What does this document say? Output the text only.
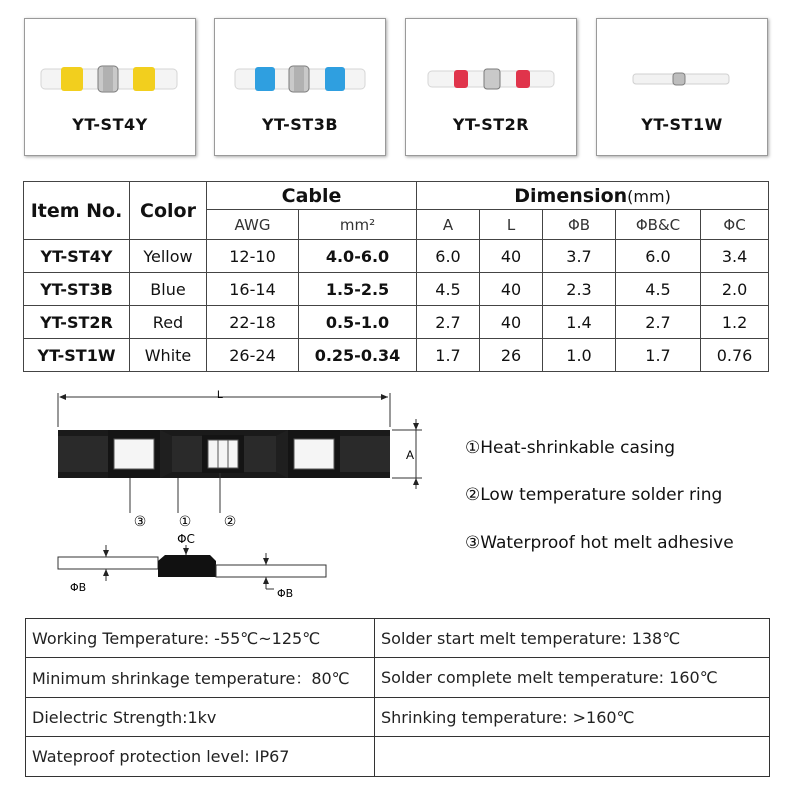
YT-ST4Y	YT-ST3B	YT-ST2R	YT-ST1W
Item No.	Color	Cable		Dimension(mm)				
		AWG	mm²	A	L	ΦB	ΦB&C	ΦC
YT-ST4Y	Yellow	12-10	4.0-6.0	6.0	40	3.7	6.0	3.4
YT-ST3B	Blue	16-14	1.5-2.5	4.5	40	2.3	4.5	2.0
YT-ST2R	Red	22-18	0.5-1.0	2.7	40	1.4	2.7	1.2
YT-ST1W	White	26-24	0.25-0.34	1.7	26	1.0	1.7	0.76
L
A
③ ① ②
ΦC
ΦB	ΦB
①Heat-shrinkable casing
②Low temperature solder ring
③Waterproof hot melt adhesive
Working Temperature: -55℃~125℃	Solder start melt temperature: 138℃
Minimum shrinkage temperature：80℃	Solder complete melt temperature: 160℃
Dielectric Strength:1kv	Shrinking temperature: >160℃
Wateproof protection level: IP67	
